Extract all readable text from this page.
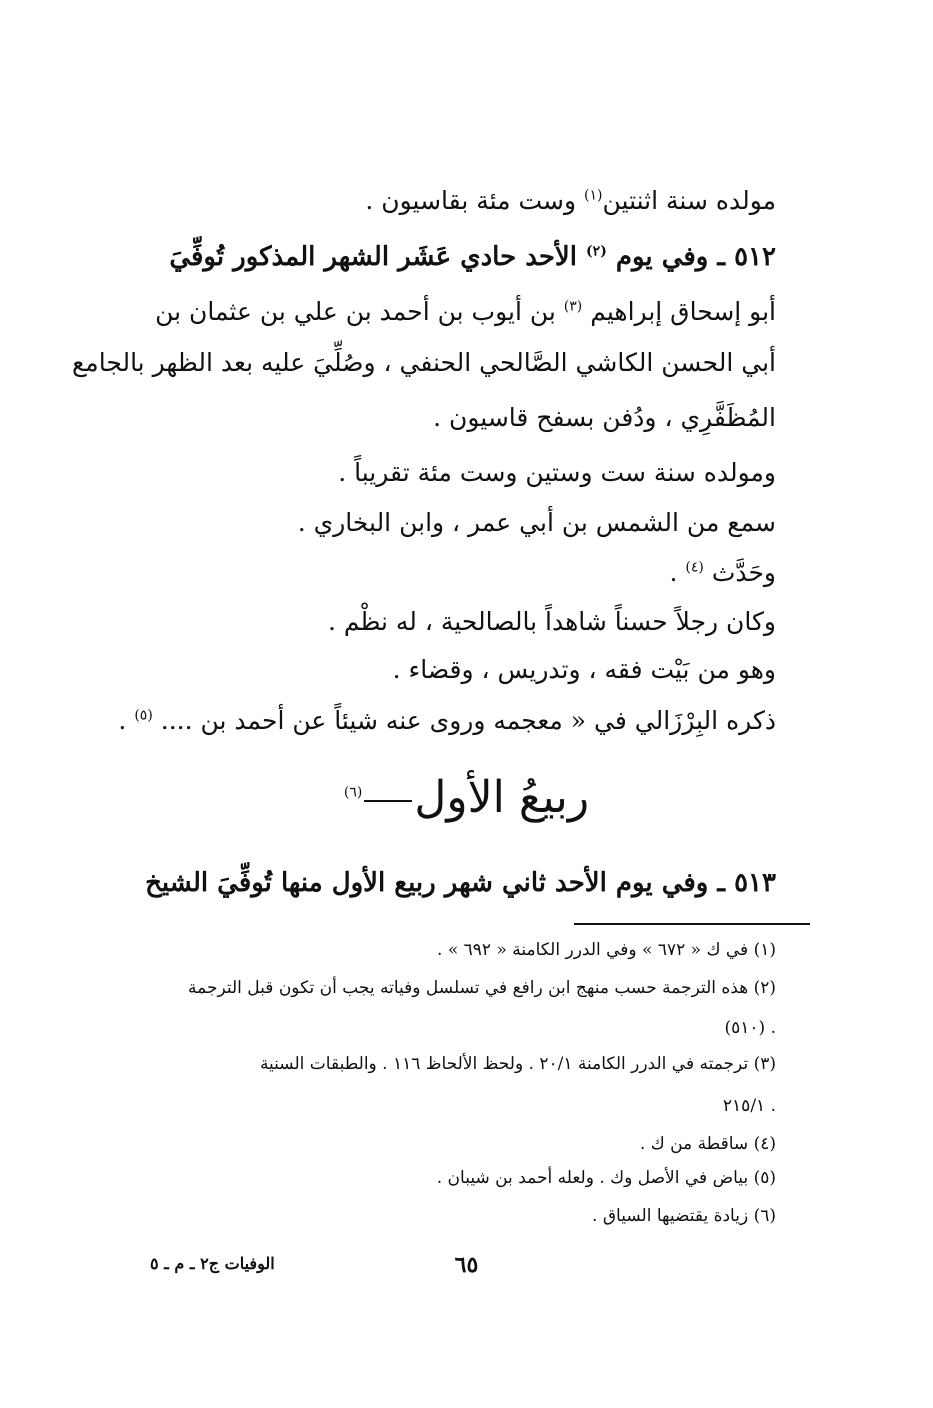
مولده سنة اثنتين$^{(١)}$ وست مئة بقاسيون .

٥١٢ ـ وفي يوم $^{(٢)}$ الأحد حادي عَشَر الشهر المذكور تُوفِّيَ

أبو إسحاق إبراهيم $^{(٣)}$ بن أيوب بن أحمد بن علي بن عثمان بن

أبي الحسن الكاشي الصَّالحي الحنفي ، وصُلِّيَ عليه بعد الظهر بالجامع

المُظَفَّرِي ، ودُفن بسفح قاسيون .

ومولده سنة ست وستين وست مئة تقريباً .

سمع من الشمس بن أبي عمر ، وابن البخاري .

وحَدَّث $^{(٤)}$ .

وكان رجلاً حسناً شاهداً بالصالحية ، له نظْم .

وهو من بَيْت فقه ، وتدريس ، وقضاء .

ذكره البِرْزَالي في « معجمه وروى عنه شيئاً عن أحمد بن .... $^{(٥)}$ .

ربيعُ الأول$^{(٦)}$

٥١٣ ـ وفي يوم الأحد ثاني شهر ربيع الأول منها تُوفِّيَ الشيخ

(١) في ك « ٦٧٢ » وفي الدرر الكامنة « ٦٩٢ » .

(٢) هذه الترجمة حسب منهج ابن رافع في تسلسل وفياته يجب أن تكون قبل الترجمة

. (٥١٠)

(٣) ترجمته في الدرر الكامنة ٢٠/١ . ولحظ الألحاظ ١١٦ . والطبقات السنية

. ٢١٥/١

(٤) ساقطة من ك .

(٥) بياض في الأصل وك . ولعله أحمد بن شيبان .

(٦) زيادة يقتضيها السياق .

الوفيات ج٢ ـ م ـ ٥	٦٥
